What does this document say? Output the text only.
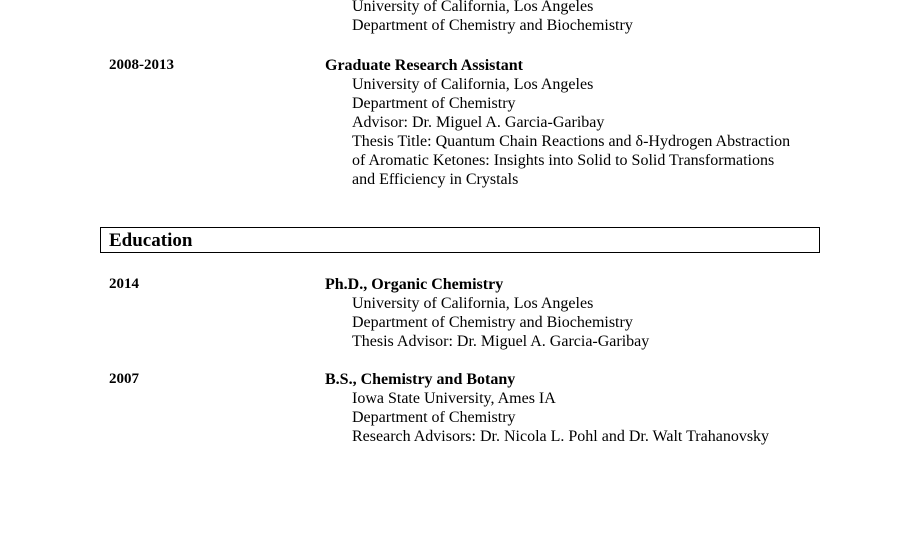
University of California, Los Angeles
Department of Chemistry and Biochemistry
2008-2013	Graduate Research Assistant
University of California, Los Angeles
Department of Chemistry
Advisor: Dr. Miguel A. Garcia-Garibay
Thesis Title: Quantum Chain Reactions and δ-Hydrogen Abstraction
of Aromatic Ketones: Insights into Solid to Solid Transformations
and Efficiency in Crystals
Education
2014	Ph.D., Organic Chemistry
University of California, Los Angeles
Department of Chemistry and Biochemistry
Thesis Advisor: Dr. Miguel A. Garcia-Garibay
2007	B.S., Chemistry and Botany
Iowa State University, Ames IA
Department of Chemistry
Research Advisors: Dr. Nicola L. Pohl and Dr. Walt Trahanovsky
